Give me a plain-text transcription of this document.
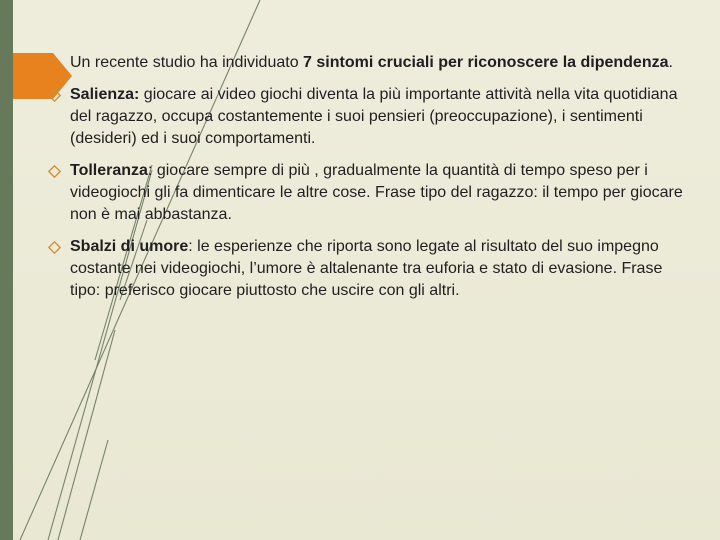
Un recente studio ha individuato 7 sintomi cruciali per riconoscere la dipendenza.

Salienza: giocare ai video giochi diventa la più importante attività nella vita quotidiana del ragazzo, occupa costantemente i suoi pensieri (preoccupazione), i sentimenti (desideri) ed i suoi comportamenti.
Tolleranza: giocare sempre di più , gradualmente la quantità di tempo speso per i videogiochi gli fa dimenticare le altre cose. Frase tipo del ragazzo: il tempo per giocare non è mai abbastanza.
Sbalzi di umore: le esperienze che riporta sono legate al risultato del suo impegno costante nei videogiochi, l’umore è altalenante tra euforia e stato di evasione. Frase tipo: preferisco giocare piuttosto che uscire con gli altri.
